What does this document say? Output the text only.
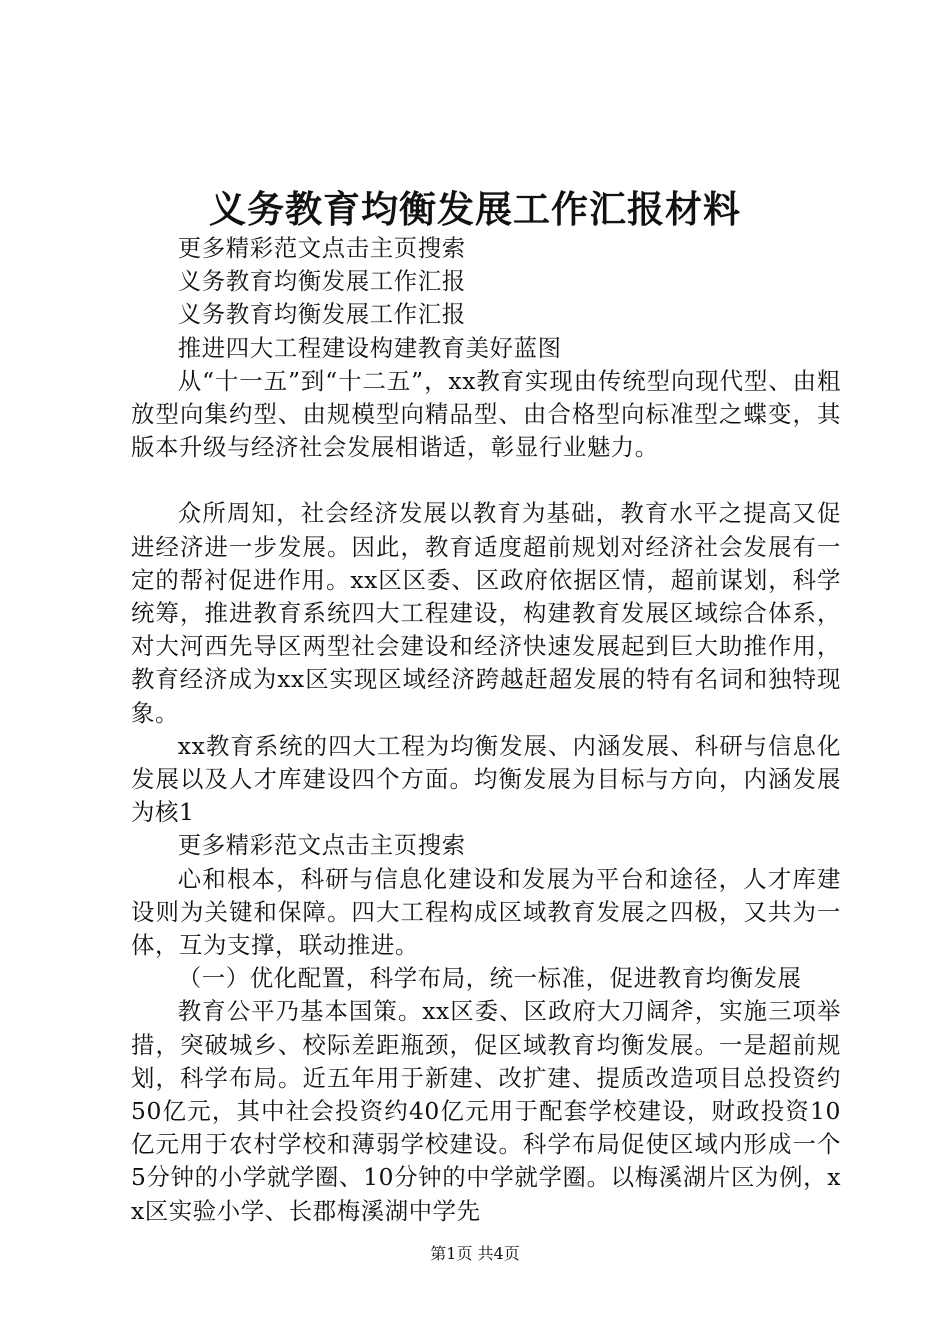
义务教育均衡发展工作汇报材料

更多精彩范文点击主页搜索

义务教育均衡发展工作汇报

义务教育均衡发展工作汇报

推进四大工程建设构建教育美好蓝图

从“十一五”到“十二五”，xx教育实现由传统型向现代型、由粗放型向集约型、由规模型向精品型、由合格型向标准型之蝶变，其版本升级与经济社会发展相谐适，彰显行业魅力。

众所周知，社会经济发展以教育为基础，教育水平之提高又促进经济进一步发展。因此，教育适度超前规划对经济社会发展有一定的帮衬促进作用。xx区区委、区政府依据区情，超前谋划，科学统筹，推进教育系统四大工程建设，构建教育发展区域综合体系，对大河西先导区两型社会建设和经济快速发展起到巨大助推作用，教育经济成为xx区实现区域经济跨越赶超发展的特有名词和独特现象。

xx教育系统的四大工程为均衡发展、内涵发展、科研与信息化发展以及人才库建设四个方面。均衡发展为目标与方向，内涵发展为核1

更多精彩范文点击主页搜索

心和根本，科研与信息化建设和发展为平台和途径，人才库建设则为关键和保障。四大工程构成区域教育发展之四极，又共为一体，互为支撑，联动推进。

（一）优化配置，科学布局，统一标准，促进教育均衡发展

教育公平乃基本国策。xx区委、区政府大刀阔斧，实施三项举措，突破城乡、校际差距瓶颈，促区域教育均衡发展。一是超前规划，科学布局。近五年用于新建、改扩建、提质改造项目总投资约50亿元，其中社会投资约40亿元用于配套学校建设，财政投资10亿元用于农村学校和薄弱学校建设。科学布局促使区域内形成一个5分钟的小学就学圈、10分钟的中学就学圈。以梅溪湖片区为例，xx区实验小学、长郡梅溪湖中学先

第1页 共4页
